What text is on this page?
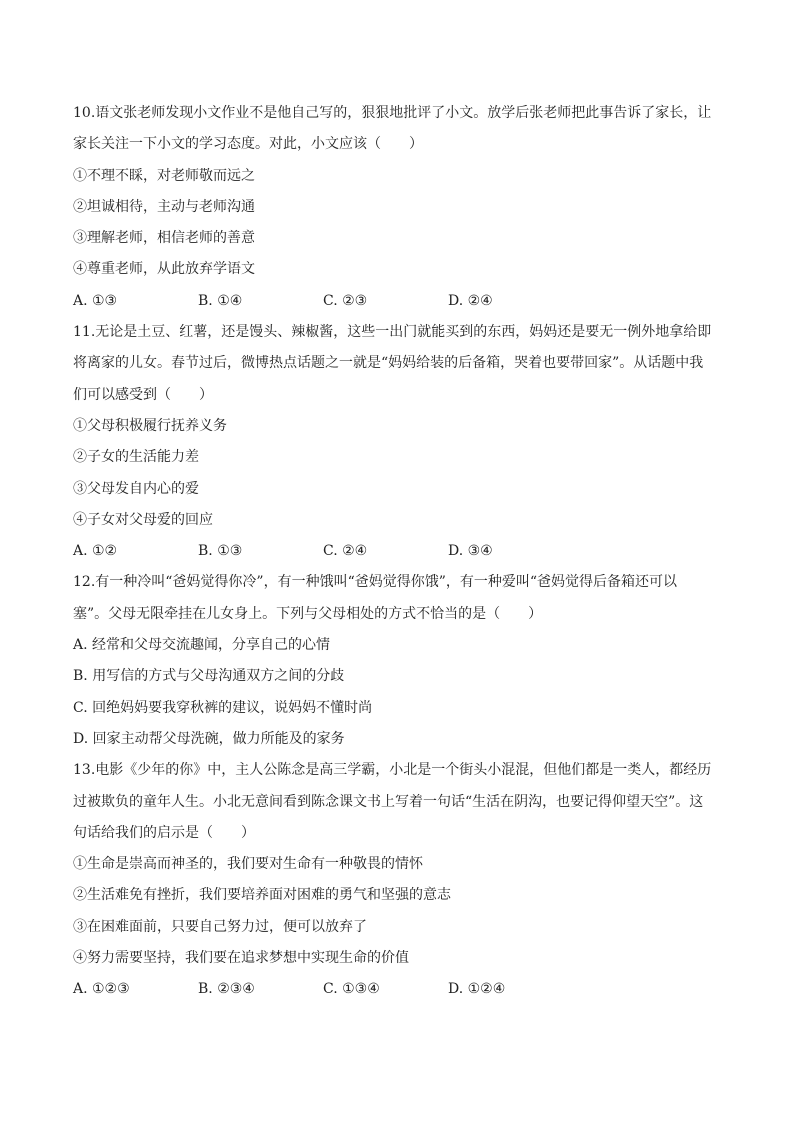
10.语文张老师发现小文作业不是他自己写的，狠狠地批评了小文。放学后张老师把此事告诉了家长，让
家长关注一下小文的学习态度。对此，小文应该（　　）
①不理不睬，对老师敬而远之
②坦诚相待，主动与老师沟通
③理解老师，相信老师的善意
④尊重老师，从此放弃学语文
A. ①③	B. ①④	C. ②③	D. ②④
11.无论是土豆、红薯，还是馒头、辣椒酱，这些一出门就能买到的东西，妈妈还是要无一例外地拿给即
将离家的儿女。春节过后，微博热点话题之一就是“妈妈给装的后备箱，哭着也要带回家”。从话题中我
们可以感受到（　　）
①父母积极履行抚养义务
②子女的生活能力差
③父母发自内心的爱
④子女对父母爱的回应
A. ①②	B. ①③	C. ②④	D. ③④
12.有一种冷叫“爸妈觉得你冷”，有一种饿叫“爸妈觉得你饿”，有一种爱叫“爸妈觉得后备箱还可以
塞”。父母无限牵挂在儿女身上。下列与父母相处的方式不恰当的是（　　）
A. 经常和父母交流趣闻，分享自己的心情
B. 用写信的方式与父母沟通双方之间的分歧
C. 回绝妈妈要我穿秋裤的建议，说妈妈不懂时尚
D. 回家主动帮父母洗碗，做力所能及的家务
13.电影《少年的你》中，主人公陈念是高三学霸，小北是一个街头小混混，但他们都是一类人，都经历
过被欺负的童年人生。小北无意间看到陈念课文书上写着一句话“生活在阴沟，也要记得仰望天空”。这
句话给我们的启示是（　　）
①生命是崇高而神圣的，我们要对生命有一种敬畏的情怀
②生活难免有挫折，我们要培养面对困难的勇气和坚强的意志
③在困难面前，只要自己努力过，便可以放弃了
④努力需要坚持，我们要在追求梦想中实现生命的价值
A. ①②③	B. ②③④	C. ①③④	D. ①②④
